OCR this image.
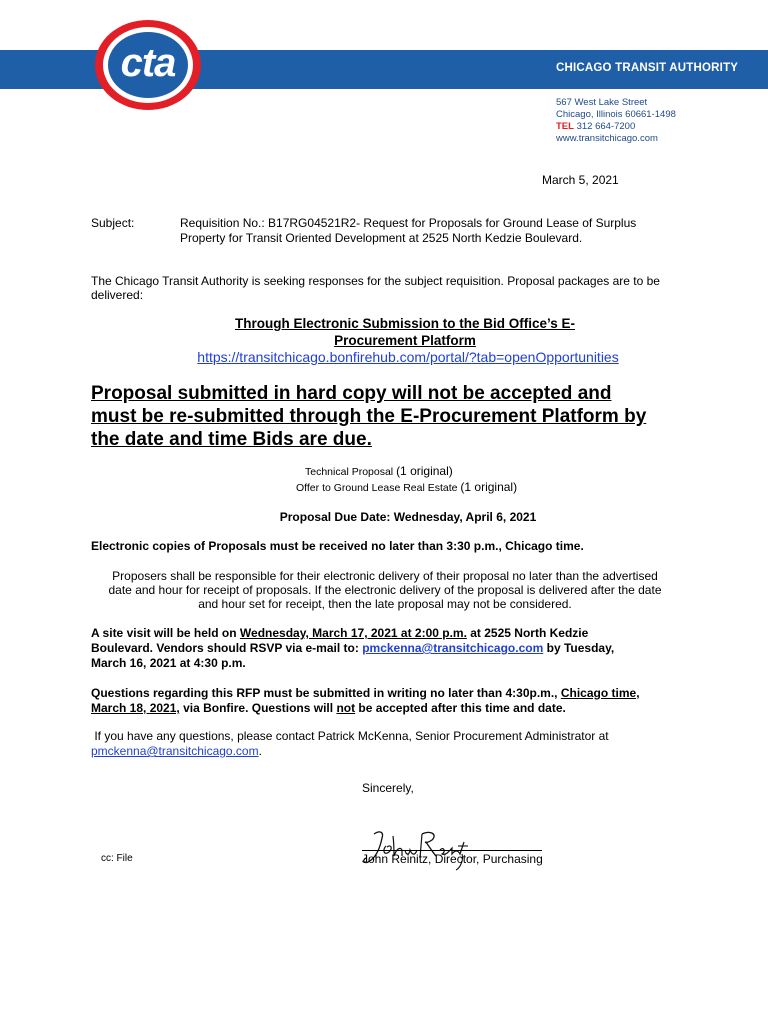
cta	CHICAGO TRANSIT AUTHORITY
567 West Lake Street
Chicago, Illinois 60661-1498
TEL 312 664-7200
www.transitchicago.com
March 5, 2021
Subject:	Requisition No.: B17RG04521R2- Request for Proposals for Ground Lease of Surplus
Property for Transit Oriented Development at 2525 North Kedzie Boulevard.
The Chicago Transit Authority is seeking responses for the subject requisition. Proposal packages are to be
delivered:
Through Electronic Submission to the Bid Office’s E-
Procurement Platform
https://transitchicago.bonfirehub.com/portal/?tab=openOpportunities
Proposal submitted in hard copy will not be accepted and
must be re-submitted through the E-Procurement Platform by
the date and time Bids are due.
Technical Proposal (1 original)
Offer to Ground Lease Real Estate (1 original)
Proposal Due Date: Wednesday, April 6, 2021
Electronic copies of Proposals must be received no later than 3:30 p.m., Chicago time.
Proposers shall be responsible for their electronic delivery of their proposal no later than the advertised
date and hour for receipt of proposals. If the electronic delivery of the proposal is delivered after the date
and hour set for receipt, then the late proposal may not be considered.
A site visit will be held on Wednesday, March 17, 2021 at 2:00 p.m. at 2525 North Kedzie
Boulevard. Vendors should RSVP via e-mail to: pmckenna@transitchicago.com by Tuesday,
March 16, 2021 at 4:30 p.m.
Questions regarding this RFP must be submitted in writing no later than 4:30p.m., Chicago time,
March 18, 2021, via Bonfire. Questions will not be accepted after this time and date.
If you have any questions, please contact Patrick McKenna, Senior Procurement Administrator at
pmckenna@transitchicago.com.
Sincerely,
John Reinitz, Director, Purchasing
cc: File
